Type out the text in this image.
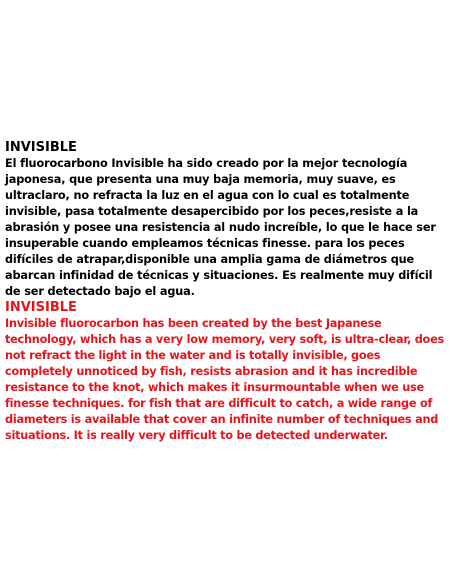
INVISIBLE

El fluorocarbono Invisible ha sido creado por la mejor tecnología japonesa, que presenta una muy baja memoria, muy suave, es ultraclaro, no refracta la luz en el agua con lo cual es totalmente invisible, pasa totalmente desapercibido por los peces,resiste a la abrasión y posee una resistencia al nudo increíble, lo que le hace ser insuperable cuando empleamos técnicas finesse. para los peces difíciles de atrapar,disponible una amplia gama de diámetros que abarcan infinidad de técnicas y situaciones. Es realmente muy difícil de ser detectado bajo el agua.

INVISIBLE

Invisible fluorocarbon has been created by the best Japanese technology, which has a very low memory, very soft, is ultra-clear, does not refract the light in the water and is totally invisible, goes completely unnoticed by fish, resists abrasion and it has incredible resistance to the knot, which makes it insurmountable when we use finesse techniques. for fish that are difficult to catch, a wide range of diameters is available that cover an infinite number of techniques and situations. It is really very difficult to be detected underwater.
